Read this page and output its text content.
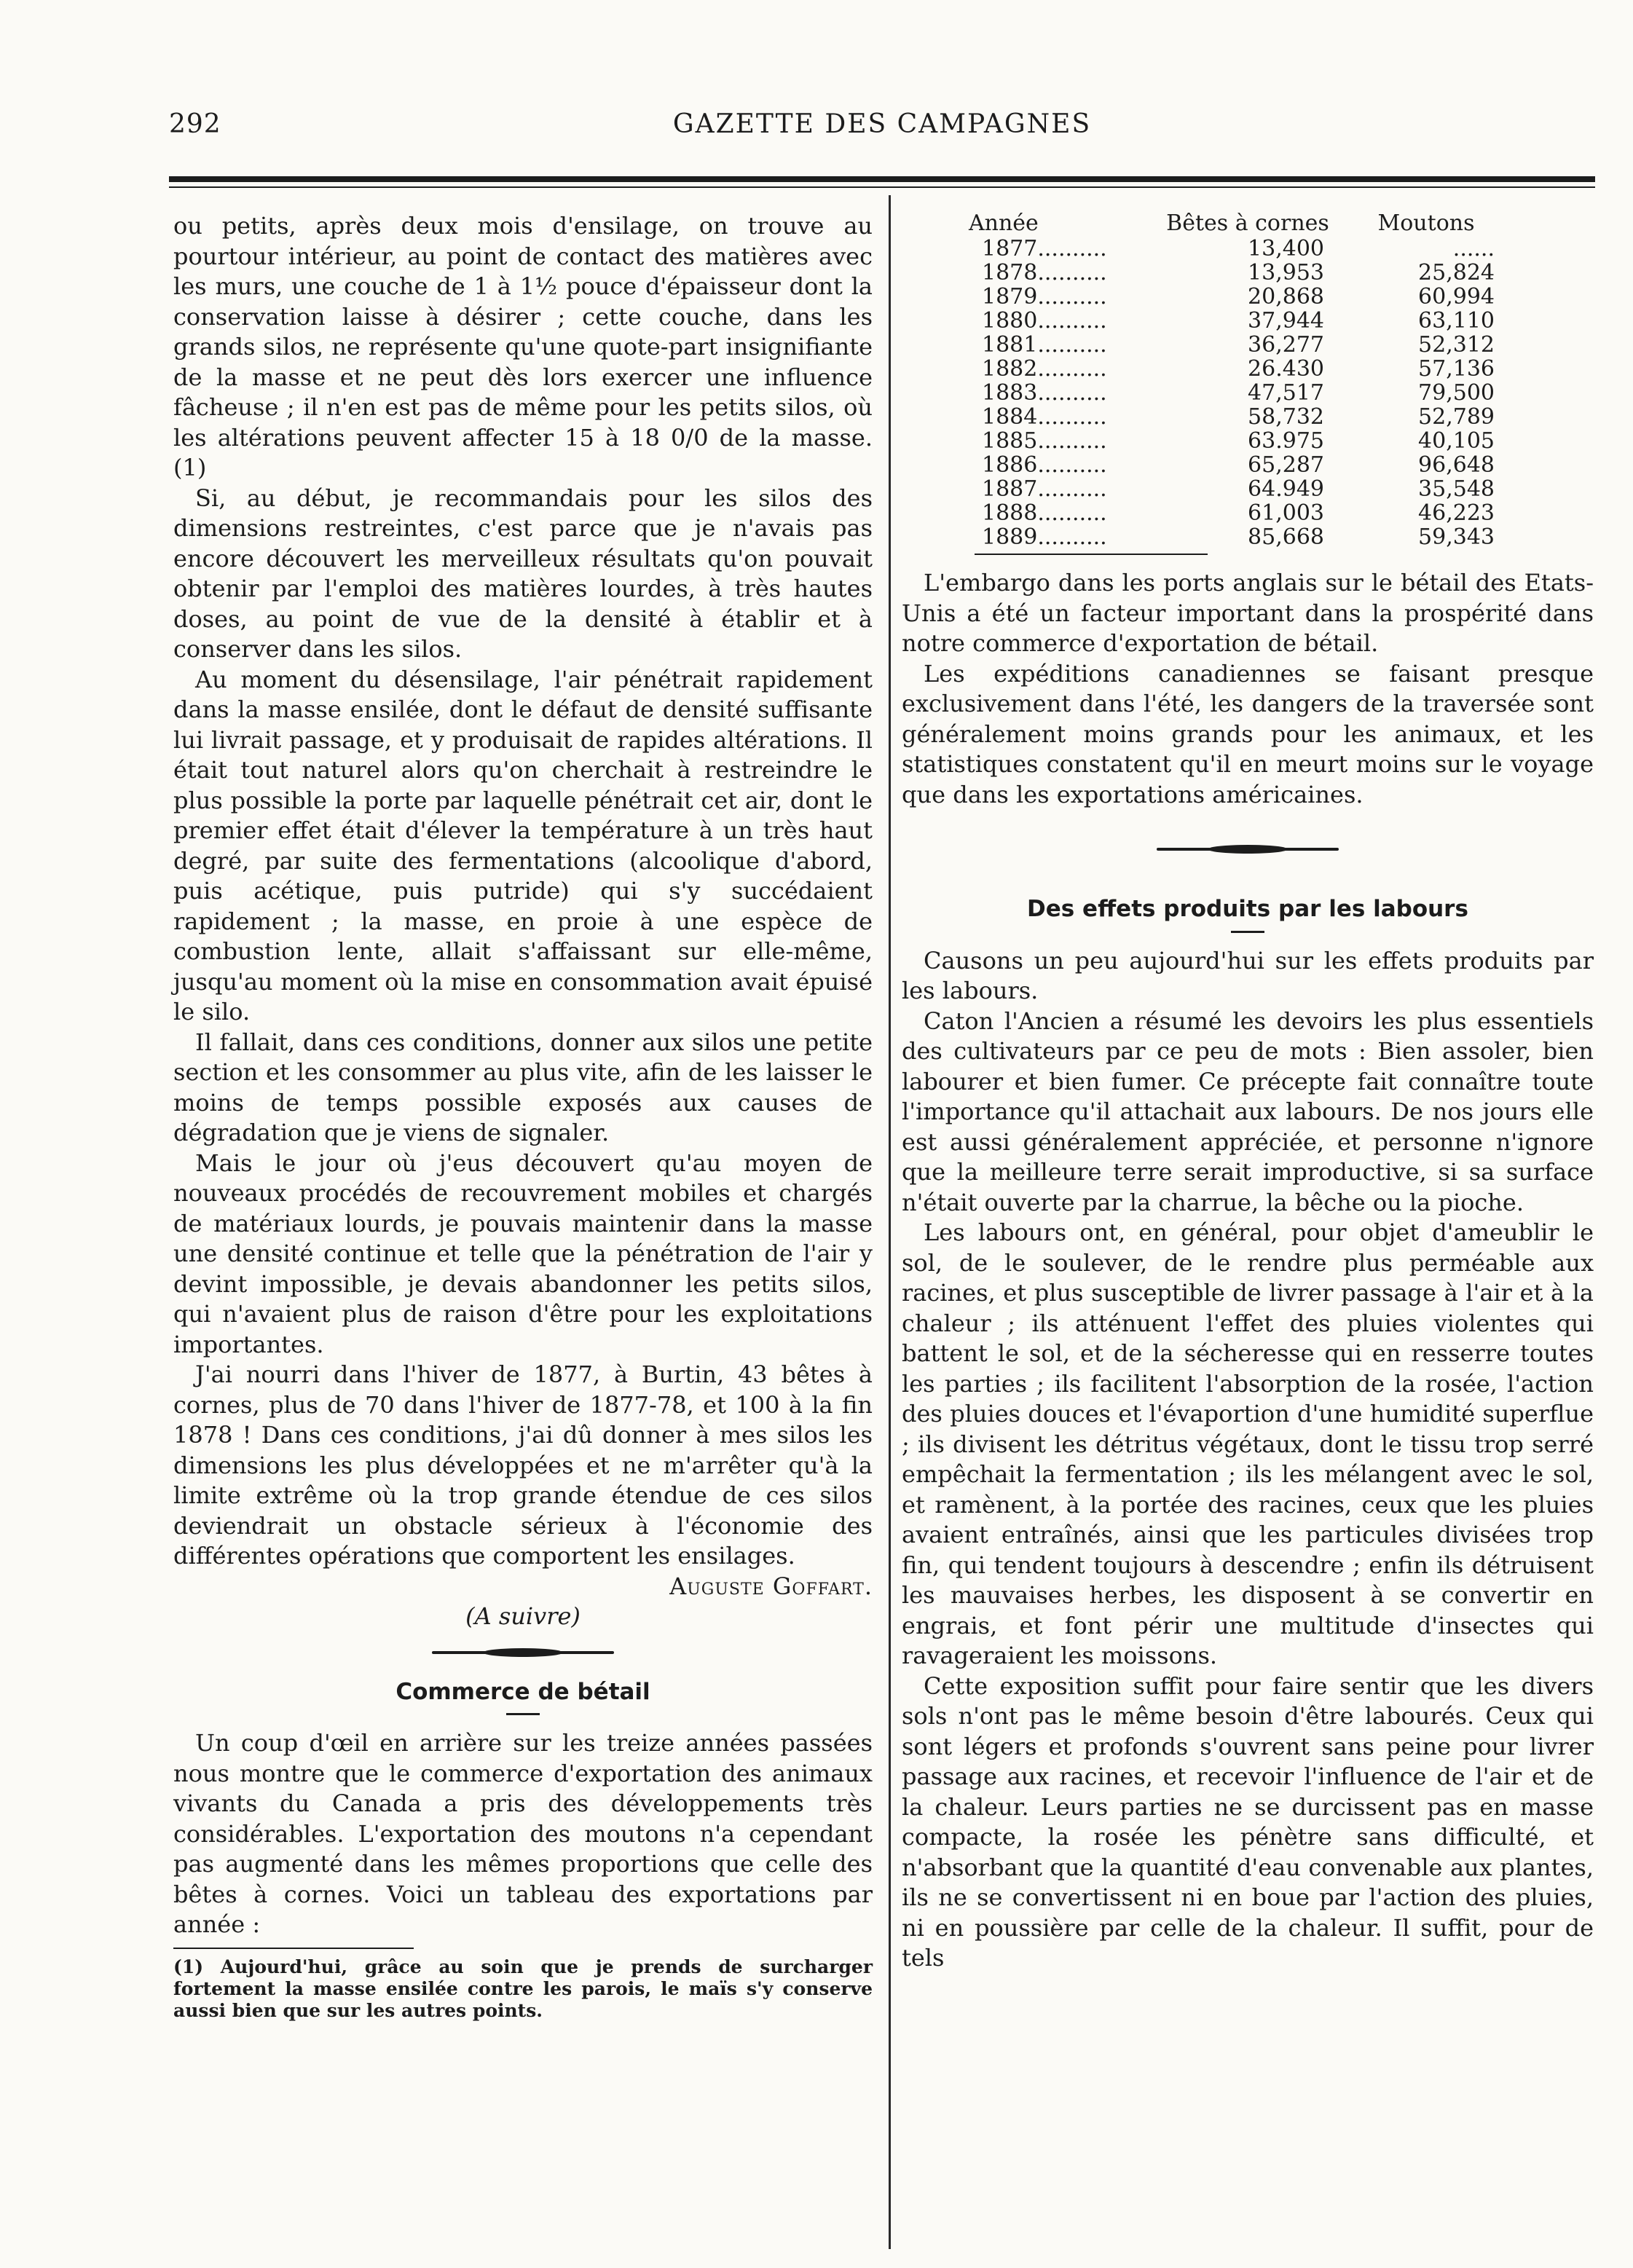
292	GAZETTE DES CAMPAGNES

ou petits, après deux mois d'ensilage, on trouve au pourtour intérieur, au point de contact des matières avec les murs, une couche de 1 à 1½ pouce d'épaisseur dont la conservation laisse à désirer ; cette couche, dans les grands silos, ne représente qu'une quote-part insignifiante de la masse et ne peut dès lors exercer une influence fâcheuse ; il n'en est pas de même pour les petits silos, où les altérations peuvent affecter 15 à 18 0/0 de la masse. (1)

Si, au début, je recommandais pour les silos des dimensions restreintes, c'est parce que je n'avais pas encore découvert les merveilleux résultats qu'on pouvait obtenir par l'emploi des matières lourdes, à très hautes doses, au point de vue de la densité à établir et à conserver dans les silos.

Au moment du désensilage, l'air pénétrait rapidement dans la masse ensilée, dont le défaut de densité suffisante lui livrait passage, et y produisait de rapides altérations. Il était tout naturel alors qu'on cherchait à restreindre le plus possible la porte par laquelle pénétrait cet air, dont le premier effet était d'élever la température à un très haut degré, par suite des fermentations (alcoolique d'abord, puis acétique, puis putride) qui s'y succédaient rapidement ; la masse, en proie à une espèce de combustion lente, allait s'affaissant sur elle-même, jusqu'au moment où la mise en consommation avait épuisé le silo.

Il fallait, dans ces conditions, donner aux silos une petite section et les consommer au plus vite, afin de les laisser le moins de temps possible exposés aux causes de dégradation que je viens de signaler.

Mais le jour où j'eus découvert qu'au moyen de nouveaux procédés de recouvrement mobiles et chargés de matériaux lourds, je pouvais maintenir dans la masse une densité continue et telle que la pénétration de l'air y devint impossible, je devais abandonner les petits silos, qui n'avaient plus de raison d'être pour les exploitations importantes.

J'ai nourri dans l'hiver de 1877, à Burtin, 43 bêtes à cornes, plus de 70 dans l'hiver de 1877-78, et 100 à la fin 1878 ! Dans ces conditions, j'ai dû donner à mes silos les dimensions les plus développées et ne m'arrêter qu'à la limite extrême où la trop grande étendue de ces silos deviendrait un obstacle sérieux à l'économie des différentes opérations que comportent les ensilages.

Auguste Goffart.
(A suivre)
Commerce de bétail

Un coup d'œil en arrière sur les treize années passées nous montre que le commerce d'exportation des animaux vivants du Canada a pris des développements très considérables. L'exportation des moutons n'a cependant pas augmenté dans les mêmes proportions que celle des bêtes à cornes. Voici un tableau des exportations par année :

(1) Aujourd'hui, grâce au soin que je prends de surcharger fortement la masse ensilée contre les parois, le maïs s'y conserve aussi bien que sur les autres points.
Année	Bêtes à cornes	Moutons
1877..........	13,400	......
1878..........	13,953	25,824
1879..........	20,868	60,994
1880..........	37,944	63,110
1881..........	36,277	52,312
1882..........	26.430	57,136
1883..........	47,517	79,500
1884..........	58,732	52,789
1885..........	63.975	40,105
1886..........	65,287	96,648
1887..........	64.949	35,548
1888..........	61,003	46,223
1889..........	85,668	59,343

L'embargo dans les ports anglais sur le bétail des Etats-Unis a été un facteur important dans la prospérité dans notre commerce d'exportation de bétail.

Les expéditions canadiennes se faisant presque exclusivement dans l'été, les dangers de la traversée sont généralement moins grands pour les animaux, et les statistiques constatent qu'il en meurt moins sur le voyage que dans les exportations américaines.

Des effets produits par les labours

Causons un peu aujourd'hui sur les effets produits par les labours.

Caton l'Ancien a résumé les devoirs les plus essentiels des cultivateurs par ce peu de mots : Bien assoler, bien labourer et bien fumer. Ce précepte fait connaître toute l'importance qu'il attachait aux labours. De nos jours elle est aussi généralement appréciée, et personne n'ignore que la meilleure terre serait improductive, si sa surface n'était ouverte par la charrue, la bêche ou la pioche.

Les labours ont, en général, pour objet d'ameublir le sol, de le soulever, de le rendre plus perméable aux racines, et plus susceptible de livrer passage à l'air et à la chaleur ; ils atténuent l'effet des pluies violentes qui battent le sol, et de la sécheresse qui en resserre toutes les parties ; ils facilitent l'absorption de la rosée, l'action des pluies douces et l'évaportion d'une humidité superflue ; ils divisent les détritus végétaux, dont le tissu trop serré empêchait la fermentation ; ils les mélangent avec le sol, et ramènent, à la portée des racines, ceux que les pluies avaient entraînés, ainsi que les particules divisées trop fin, qui tendent toujours à descendre ; enfin ils détruisent les mauvaises herbes, les disposent à se convertir en engrais, et font périr une multitude d'insectes qui ravageraient les moissons.

Cette exposition suffit pour faire sentir que les divers sols n'ont pas le même besoin d'être labourés. Ceux qui sont légers et profonds s'ouvrent sans peine pour livrer passage aux racines, et recevoir l'influence de l'air et de la chaleur. Leurs parties ne se durcissent pas en masse compacte, la rosée les pénètre sans difficulté, et n'absorbant que la quantité d'eau convenable aux plantes, ils ne se convertissent ni en boue par l'action des pluies, ni en poussière par celle de la chaleur. Il suffit, pour de tels
